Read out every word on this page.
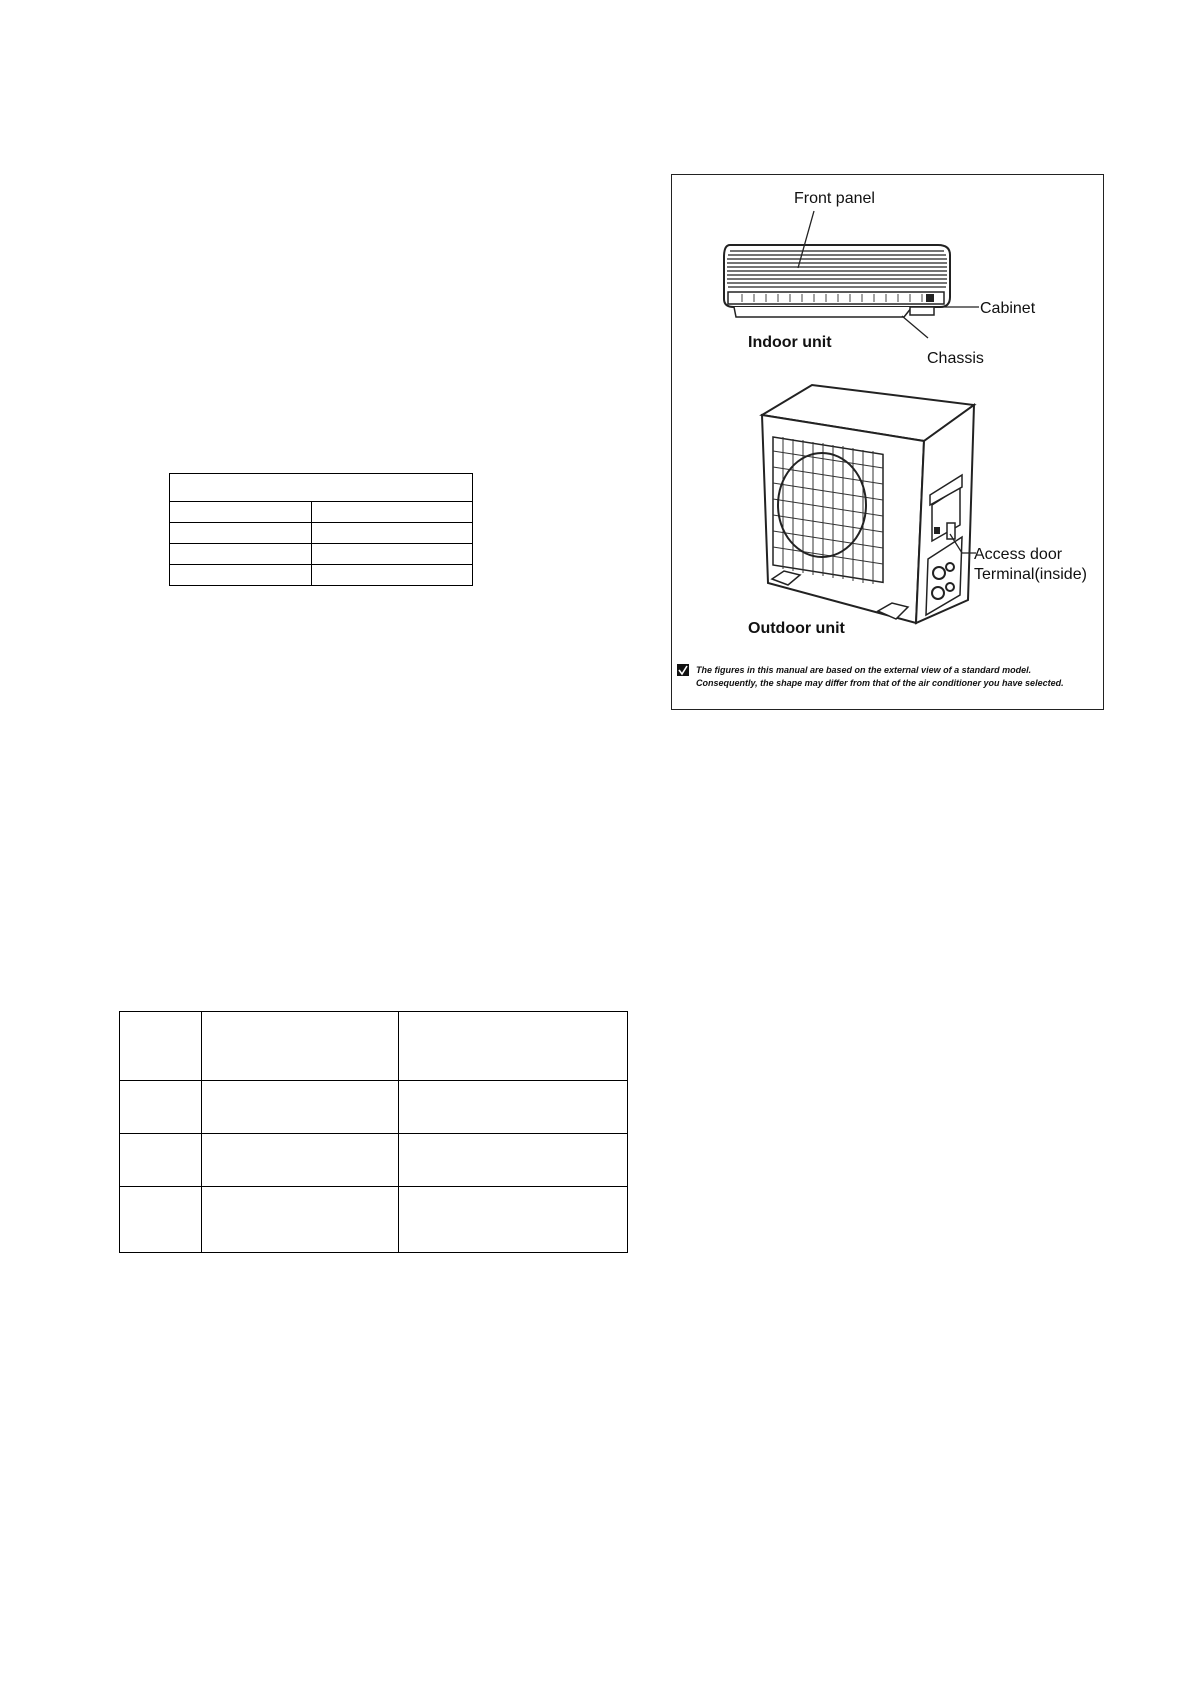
Front panel
Cabinet
Chassis
Indoor unit
Access door
Terminal(inside)
Outdoor unit
The figures in this manual are based on the external view of a standard model.
Consequently, the shape may differ from that of the air conditioner you have selected.
